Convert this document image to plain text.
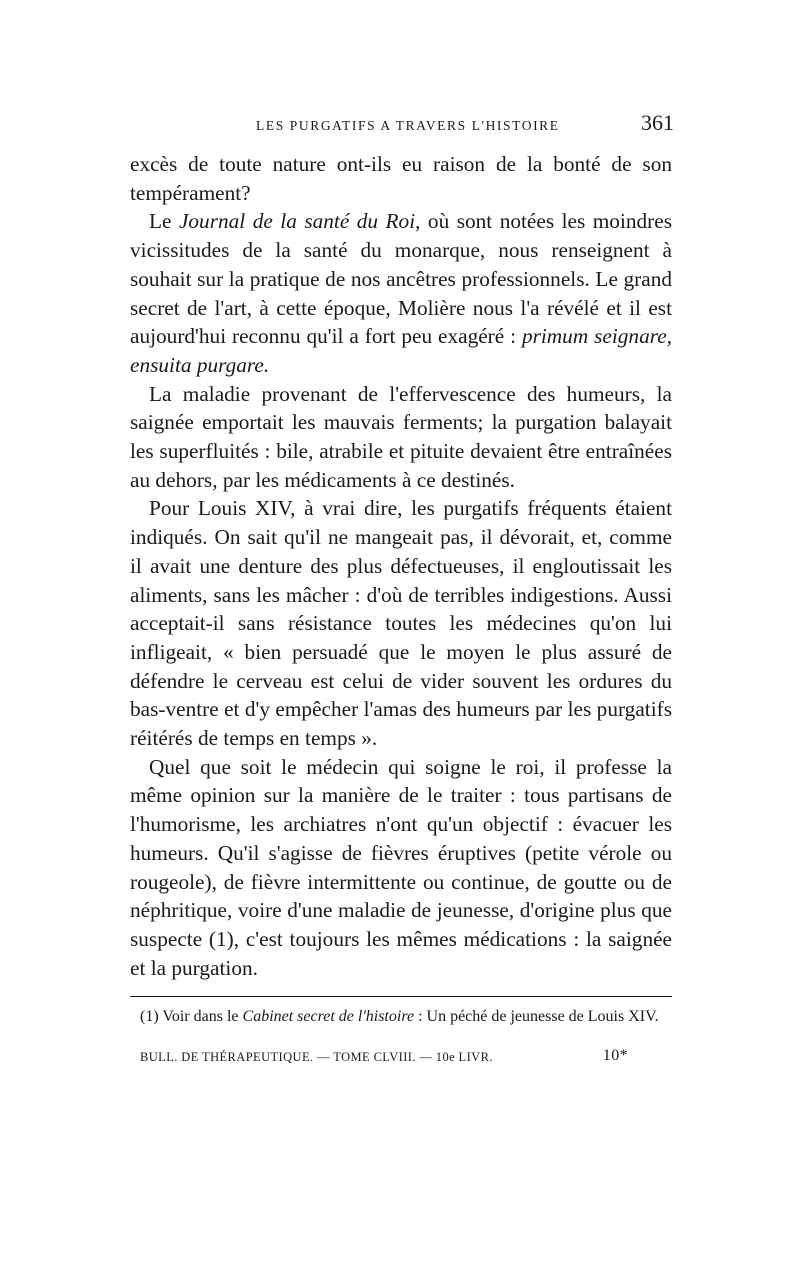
LES PURGATIFS A TRAVERS L'HISTOIRE	361

excès de toute nature ont-ils eu raison de la bonté de son tempérament?

Le Journal de la santé du Roi, où sont notées les moindres vicissitudes de la santé du monarque, nous renseignent à souhait sur la pratique de nos ancêtres professionnels. Le grand secret de l'art, à cette époque, Molière nous l'a révélé et il est aujourd'hui reconnu qu'il a fort peu exagéré : primum seignare, ensuita purgare.

La maladie provenant de l'effervescence des humeurs, la saignée emportait les mauvais ferments; la purgation balayait les superfluités : bile, atrabile et pituite devaient être entraînées au dehors, par les médicaments à ce destinés.

Pour Louis XIV, à vrai dire, les purgatifs fréquents étaient indiqués. On sait qu'il ne mangeait pas, il dévorait, et, comme il avait une denture des plus défectueuses, il engloutissait les aliments, sans les mâcher : d'où de terribles indigestions. Aussi acceptait-il sans résistance toutes les médecines qu'on lui infligeait, « bien persuadé que le moyen le plus assuré de défendre le cerveau est celui de vider souvent les ordures du bas-ventre et d'y empêcher l'amas des humeurs par les purgatifs réitérés de temps en temps ».

Quel que soit le médecin qui soigne le roi, il professe la même opinion sur la manière de le traiter : tous partisans de l'humorisme, les archiatres n'ont qu'un objectif : évacuer les humeurs. Qu'il s'agisse de fièvres éruptives (petite vérole ou rougeole), de fièvre intermittente ou continue, de goutte ou de néphritique, voire d'une maladie de jeunesse, d'origine plus que suspecte (1), c'est toujours les mêmes médications : la saignée et la purgation.

(1) Voir dans le Cabinet secret de l'histoire : Un péché de jeunesse de Louis XIV.

BULL. DE THÉRAPEUTIQUE. — TOME CLVIII. — 10e LIVR.	10*
